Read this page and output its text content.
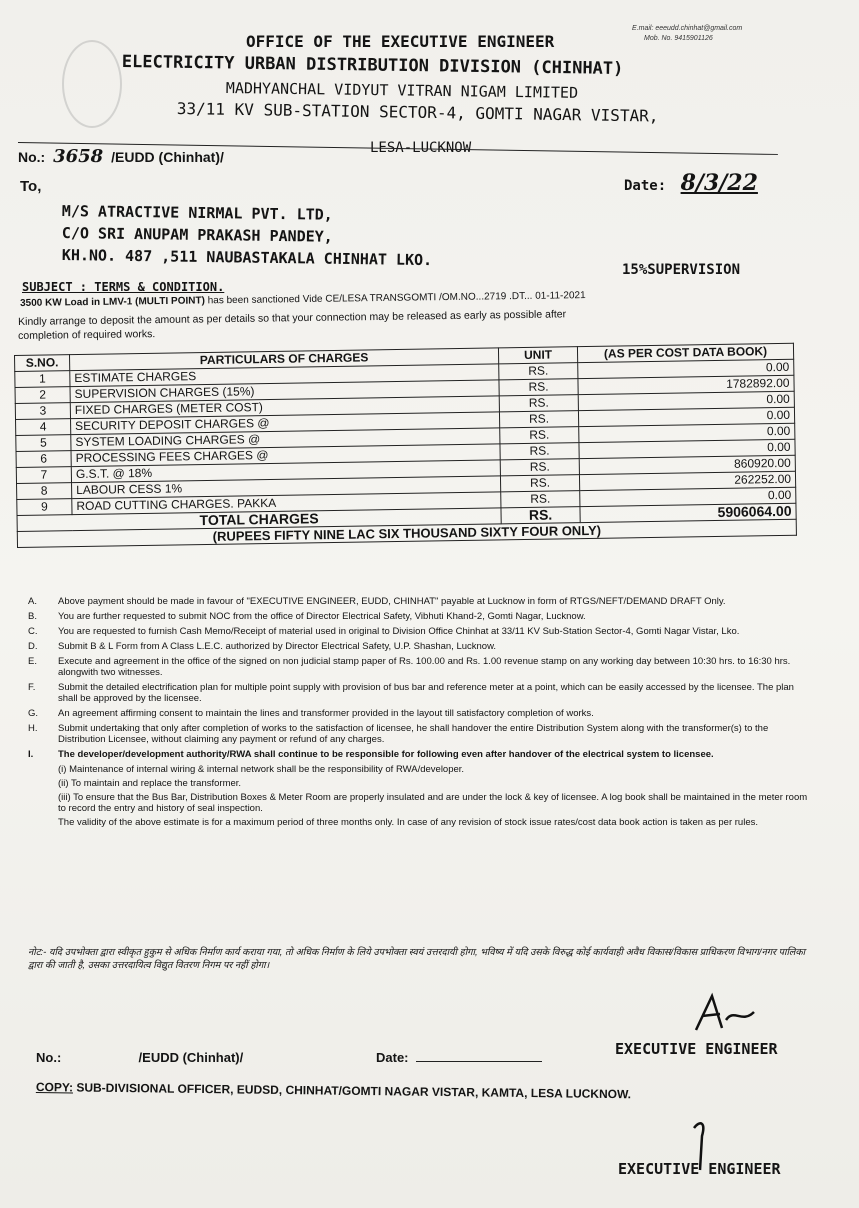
E.mail: eeeudd.chinhat@gmail.com
Mob. No. 9415901126
OFFICE OF THE EXECUTIVE ENGINEER
ELECTRICITY URBAN DISTRIBUTION DIVISION (CHINHAT)
MADHYANCHAL VIDYUT VITRAN NIGAM LIMITED
33/11 KV SUB-STATION SECTOR-4, GOMTI NAGAR VISTAR,
LESA-LUCKNOW
No.: 3658 /EUDD (Chinhat)/
Date: 8/3/22
To,
M/S ATRACTIVE NIRMAL PVT. LTD,
C/O SRI ANUPAM PRAKASH PANDEY,
KH.NO. 487 ,511 NAUBASTAKALA CHINHAT LKO.
15%SUPERVISION
SUBJECT : TERMS & CONDITION.
3500 KW Load in LMV-1 (MULTI POINT) has been sanctioned Vide CE/LESA TRANSGOMTI /OM.NO...2719 .DT... 01-11-2021
Kindly arrange to deposit the amount as per details so that your connection may be released as early as possible after
completion of required works.
S.NO.	PARTICULARS OF CHARGES	UNIT	(AS PER COST DATA BOOK)
1	ESTIMATE CHARGES	RS.	0.00
2	SUPERVISION CHARGES (15%)	RS.	1782892.00
3	FIXED CHARGES (METER COST)	RS.	0.00
4	SECURITY DEPOSIT CHARGES @	RS.	0.00
5	SYSTEM LOADING CHARGES @	RS.	0.00
6	PROCESSING FEES CHARGES @	RS.	0.00
7	G.S.T. @ 18%	RS.	860920.00
8	LABOUR CESS 1%	RS.	262252.00
9	ROAD CUTTING CHARGES. PAKKA	RS.	0.00
TOTAL CHARGES		RS.	5906064.00
(RUPEES FIFTY NINE LAC SIX THOUSAND SIXTY FOUR ONLY)			
A. Above payment should be made in favour of "EXECUTIVE ENGINEER, EUDD, CHINHAT" payable at Lucknow in form of RTGS/NEFT/DEMAND DRAFT Only.
B. You are further requested to submit NOC from the office of Director Electrical Safety, Vibhuti Khand-2, Gomti Nagar, Lucknow.
C. You are requested to furnish Cash Memo/Receipt of material used in original to Division Office Chinhat at 33/11 KV Sub-Station Sector-4, Gomti Nagar Vistar, Lko.
D. Submit B & L Form from A Class L.E.C. authorized by Director Electrical Safety, U.P. Shashan, Lucknow.
E. Execute and agreement in the office of the signed on non judicial stamp paper of Rs. 100.00 and Rs. 1.00 revenue stamp on any working day between 10:30 hrs. to 16:30 hrs. alongwith two witnesses.
F. Submit the detailed electrification plan for multiple point supply with provision of bus bar and reference meter at a point, which can be easily accessed by the licensee. The plan shall be approved by the licensee.
G. An agreement affirming consent to maintain the lines and transformer provided in the layout till satisfactory completion of works.
H. Submit undertaking that only after completion of works to the satisfaction of licensee, he shall handover the entire Distribution System along with the transformer(s) to the Distribution Licensee, without claiming any payment or refund of any charges.
I.	The developer/development authority/RWA shall continue to be responsible for following even after handover of the electrical system to licensee.
(i) Maintenance of internal wiring & internal network shall be the responsibility of RWA/developer.
(ii) To maintain and replace the transformer.
(iii) To ensure that the Bus Bar, Distribution Boxes & Meter Room are properly insulated and are under the lock & key of licensee. A log book shall be maintained in the meter room to record the entry and history of seal inspection.
The validity of the above estimate is for a maximum period of three months only. In case of any revision of stock issue rates/cost data book action is taken as per rules.
नोट:- यदि उपभोक्ता द्वारा स्वीकृत हुकुम से अधिक निर्माण कार्य कराया गया, तो अधिक निर्माण के लिये उपभोक्ता स्वयं उत्तरदायी होगा, भविष्य में यदि उसके विरुद्ध कोई कार्यवाही अवैध विकास/विकास प्राधिकरण विभाग/नगर पालिका द्वारा की जाती है, उसका उत्तरदायित्व विद्युत वितरण निगम पर नहीं होगा।
EXECUTIVE ENGINEER
No.:	/EUDD (Chinhat)/	Date:
COPY: SUB-DIVISIONAL OFFICER, EUDSD, CHINHAT/GOMTI NAGAR VISTAR, KAMTA, LESA LUCKNOW.
EXECUTIVE ENGINEER
